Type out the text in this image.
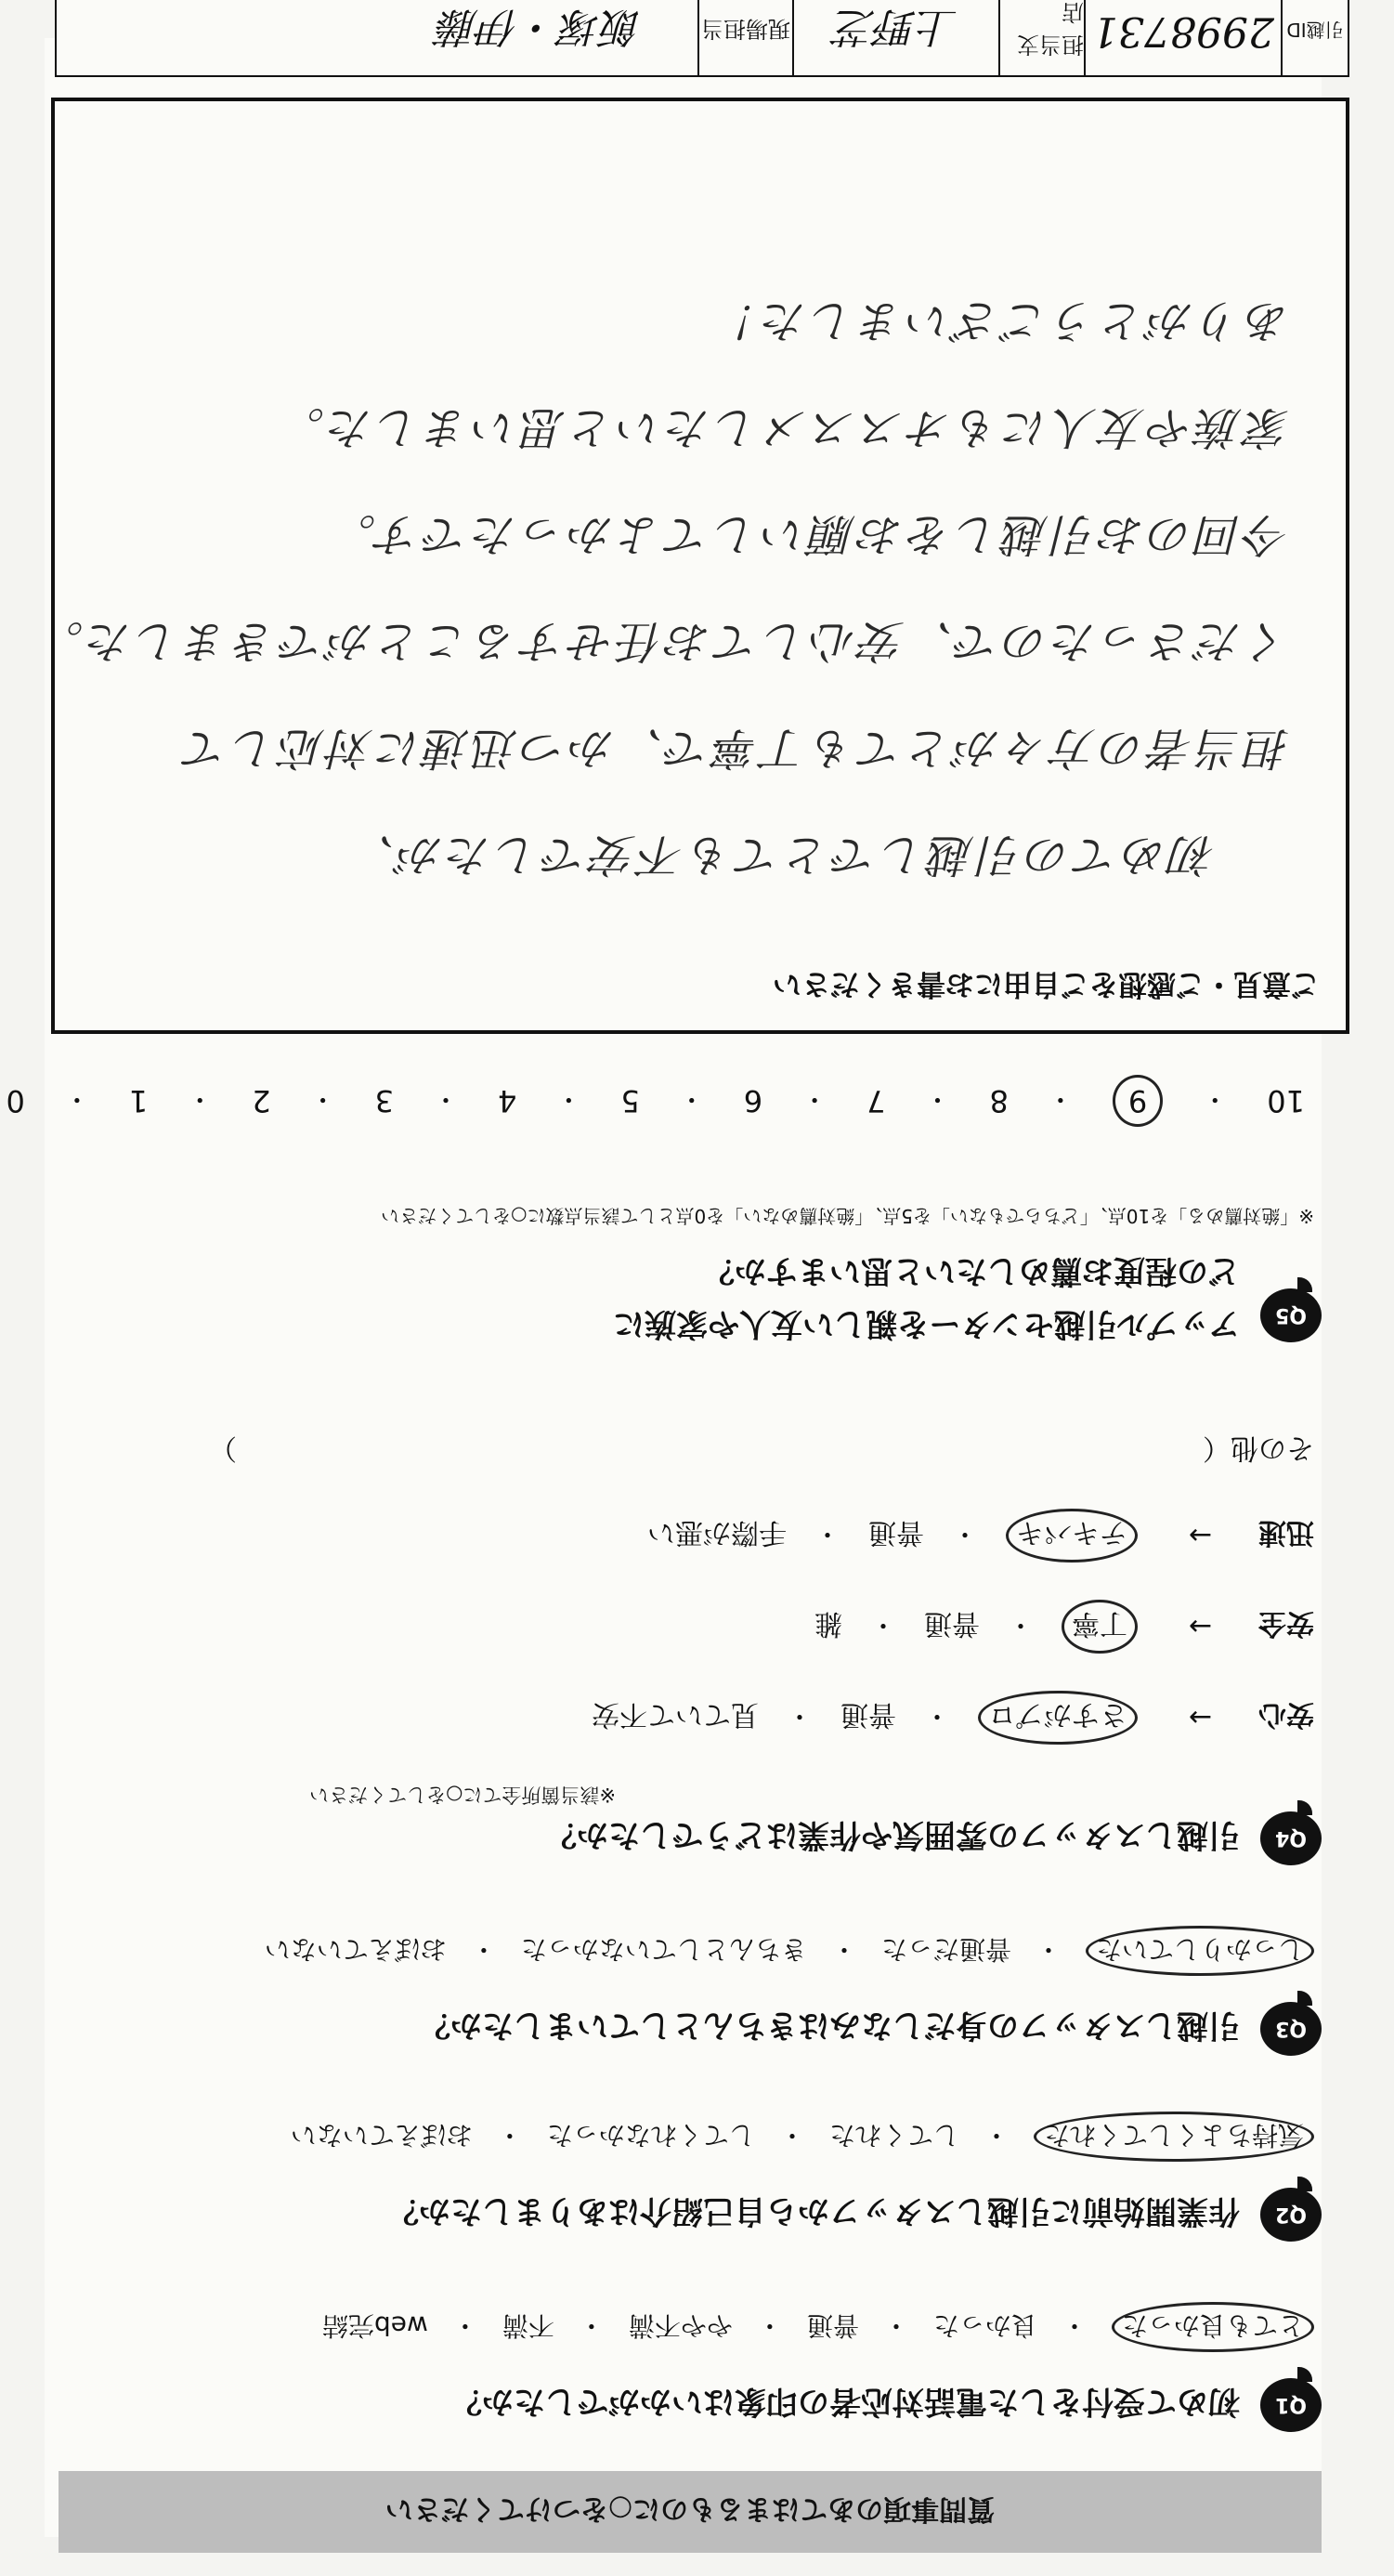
質問事項のあてはまるものに○をつけてください
Q1
初めて受付をした電話対応者の印象はいかがでしたか？
とても良かった
・
良かった
・
普通
・
やや不満
・
不満
・
web完結
Q2
作業開始前に引越しスタッフから自己紹介はありましたか？
気持ちよくしてくれた
・
してくれた
・
してくれなかった
・
おぼえていない
Q3
引越しスタッフの身だしなみはきちんとしていましたか？
しっかりしていた
・
普通だった
・
きちんとしていなかった
・
おぼえていない
Q4
引越しスタッフの雰囲気や作業はどうでしたか？
※該当箇所全てに○をしてください
安心
→
さすがプロ
・
普通
・
見ていて不安
安全
→
丁寧
・
普通
・
雑
迅速
→
テキパキ
・
普通
・
手際が悪い
その他（
）
Q5
アップル引越センターを親しい友人や家族に
どの程度お薦めしたいと思いますか？
※「絶対薦める」を10点、「どちらでもない」を5点、「絶対薦めない」を0点として該当点数に○をしてください
10
・
9
・
8
・
7
・
6
・
5
・
4
・
3
・
2
・
1
・
0
ご意見・ご感想をご自由にお書きください
初めての引越しでとても不安でしたが、
担当者の方々がとても丁寧で、かつ迅速に対応して
くださったので、安心してお任せすることができました。
今回のお引越しをお願いしてよかったです。
家族や友人にもオススメしたいと思いました。
ありがとうございました！
引越ID
2998731
担当支店
上野芝
現場担当
飯塚・伊藤
